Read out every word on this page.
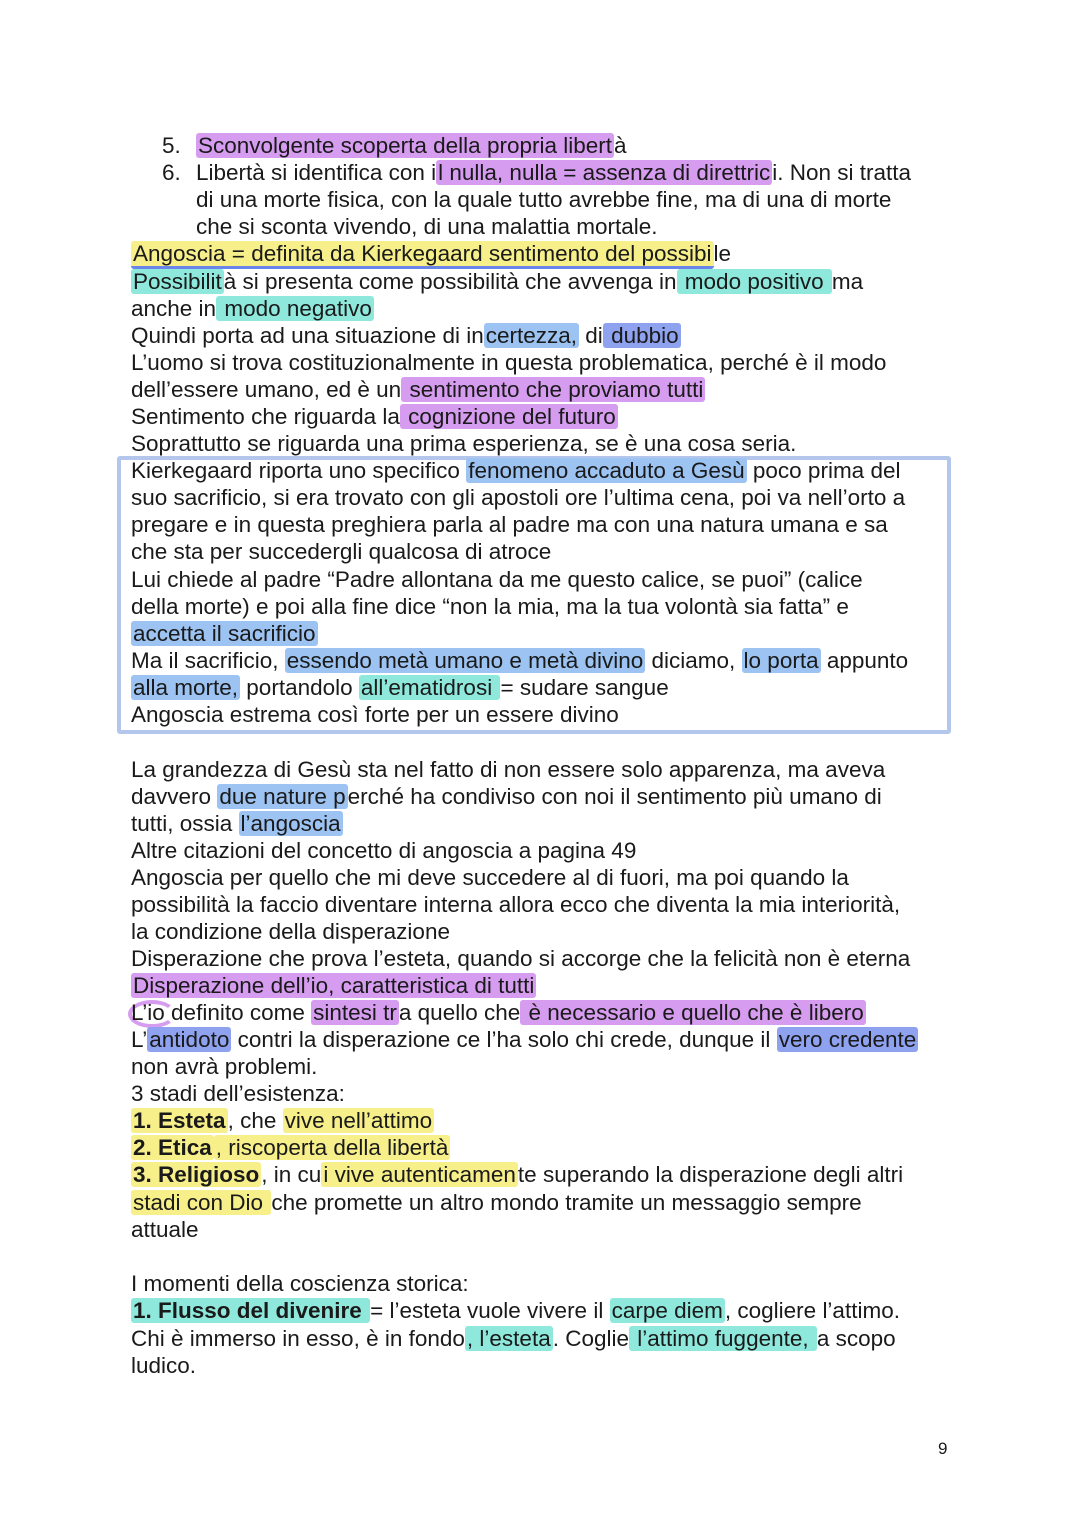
5. Sconvolgente scoperta della propria libertà
6. Libertà si identifica con il nulla, nulla = assenza di direttrici. Non si tratta
di una morte fisica, con la quale tutto avrebbe fine, ma di una di morte
che si sconta vivendo, di una malattia mortale.
Angoscia = definita da Kierkegaard sentimento del possibile
Possibilità si presenta come possibilità che avvenga in modo positivo ma
anche in modo negativo
Quindi porta ad una situazione di incertezza, di dubbio
L’uomo si trova costituzionalmente in questa problematica, perché è il modo
dell’essere umano, ed è un sentimento che proviamo tutti
Sentimento che riguarda la cognizione del futuro
Soprattutto se riguarda una prima esperienza, se è una cosa seria.
Kierkegaard riporta uno specifico fenomeno accaduto a Gesù poco prima del
suo sacrificio, si era trovato con gli apostoli ore l’ultima cena, poi va nell’orto a
pregare e in questa preghiera parla al padre ma con una natura umana e sa
che sta per succedergli qualcosa di atroce
Lui chiede al padre “Padre allontana da me questo calice, se puoi” (calice
della morte) e poi alla fine dice “non la mia, ma la tua volontà sia fatta” e
accetta il sacrificio
Ma il sacrificio, essendo metà umano e metà divino diciamo, lo porta appunto
alla morte, portandolo all’ematidrosi = sudare sangue
Angoscia estrema così forte per un essere divino
La grandezza di Gesù sta nel fatto di non essere solo apparenza, ma aveva
davvero due nature perché ha condiviso con noi il sentimento più umano di
tutti, ossia l’angoscia
Altre citazioni del concetto di angoscia a pagina 49
Angoscia per quello che mi deve succedere al di fuori, ma poi quando la
possibilità la faccio diventare interna allora ecco che diventa la mia interiorità,
la condizione della disperazione
Disperazione che prova l’esteta, quando si accorge che la felicità non è eterna
Disperazione dell’io, caratteristica di tutti
L’io definito come sintesi tra quello che è necessario e quello che è libero
L’antidoto contri la disperazione ce l’ha solo chi crede, dunque il vero credente
non avrà problemi.
3 stadi dell’esistenza:
1. Esteta, che vive nell’attimo
2. Etica , riscoperta della libertà
3. Religioso, in cui vive autenticamente superando la disperazione degli altri
stadi con Dio che promette un altro mondo tramite un messaggio sempre
attuale
I momenti della coscienza storica:
1. Flusso del divenire = l’esteta vuole vivere il carpe diem, cogliere l’attimo.
Chi è immerso in esso, è in fondo, l’esteta. Coglie l’attimo fuggente, a scopo
ludico.
9
